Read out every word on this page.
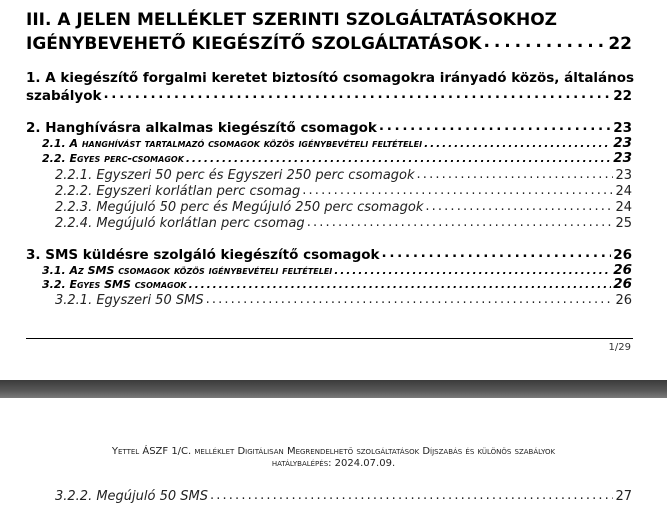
III. A JELEN MELLÉKLET SZERINTI SZOLGÁLTATÁSOKHOZ
IGÉNYBEVEHETŐ KIEGÉSZÍTŐ SZOLGÁLTATÁSOK . . .	22
1. A kiegészítő forgalmi keretet biztosító csomagokra irányadó közös, általános
szabályok . . .	22
2. Hanghívásra alkalmas kiegészítő csomagok . . .	23
2.1. A hanghívást tartalmazó csomagok közös igénybevételi feltételei . . .	23
2.2. Egyes perc-csomagok . . .	23
2.2.1. Egyszeri 50 perc és Egyszeri 250 perc csomagok . . .	23
2.2.2. Egyszeri korlátlan perc csomag . . .	24
2.2.3. Megújuló 50 perc és Megújuló 250 perc csomagok . . .	24
2.2.4. Megújuló korlátlan perc csomag . . .	25
3. SMS küldésre szolgáló kiegészítő csomagok . . .	26
3.1. Az SMS csomagok közös igénybevételi feltételei . . .	26
3.2. Egyes SMS csomagok . . .	26
3.2.1. Egyszeri 50 SMS . . .	26
1/29
Yettel ÁSZF 1/C. melléklet Digitálisan Megrendelhető szolgáltatások Díjszabás és különös szabályok
hatálybalépés: 2024.07.09.
3.2.2. Megújuló 50 SMS . . .	27
